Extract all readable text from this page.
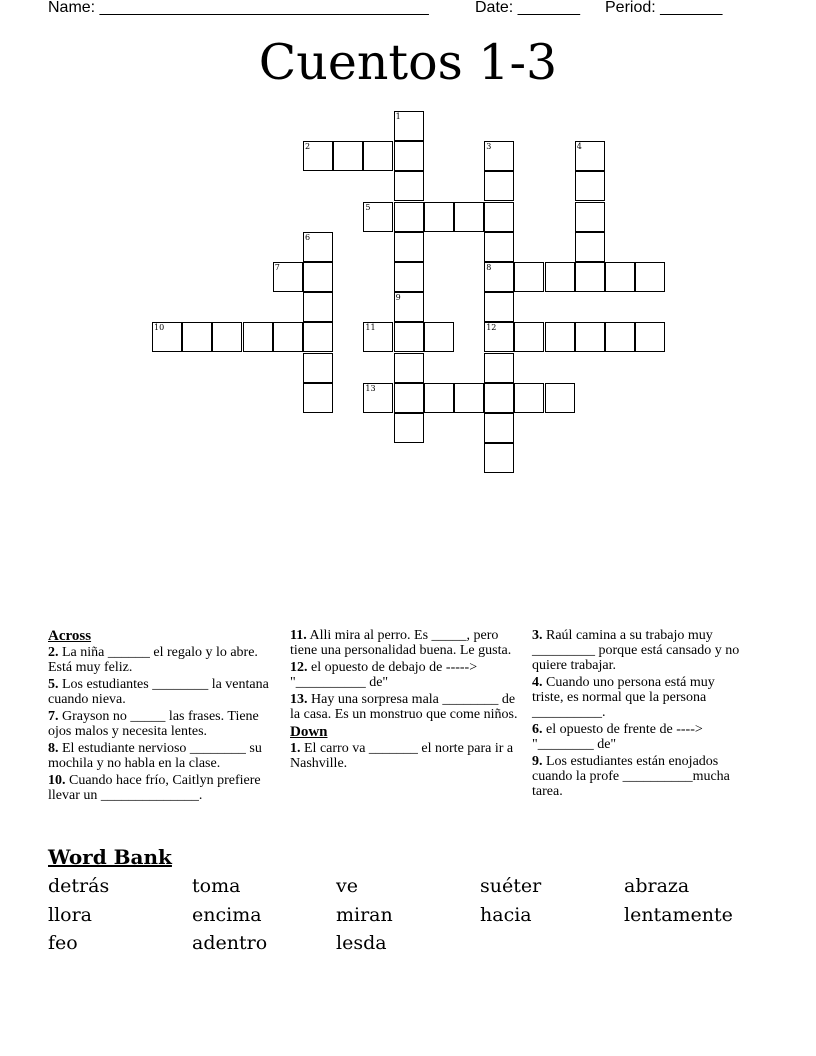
Name: _____________________________________	Date: _______ Period: _______
Cuentos 1-3
1
9
2	3
8
12
4
5
6
7
10	11
13
Across
2. La niña ______ el regalo y lo abre. Está muy feliz.
5. Los estudiantes ________ la ventana cuando nieva.
7. Grayson no _____ las frases. Tiene ojos malos y necesita lentes.
8. El estudiante nervioso ________ su mochila y no habla en la clase.
10. Cuando hace frío, Caitlyn prefiere llevar un ______________.
11. Alli mira al perro. Es _____, pero tiene una personalidad buena. Le gusta.
12. el opuesto de debajo de -----> "__________ de"
13. Hay una sorpresa mala ________ de la casa. Es un monstruo que come niños.
Down
1. El carro va _______ el norte para ir a Nashville.
3. Raúl camina a su trabajo muy _________ porque está cansado y no quiere trabajar.
4. Cuando uno persona está muy triste, es normal que la persona __________.
6. el opuesto de frente de ----> "________ de"
9. Los estudiantes están enojados cuando la profe __________mucha tarea.
Word Bank
detrás	toma	ve	suéter	abraza
llora	encima	miran	hacia	lentamente
feo	adentro	lesda
